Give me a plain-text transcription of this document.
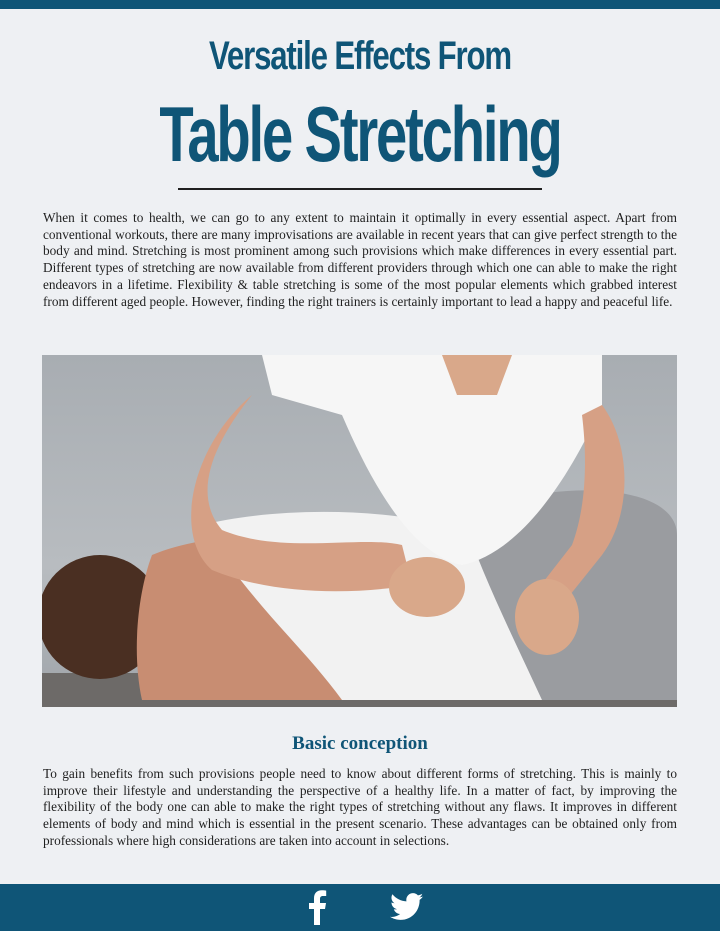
Versatile Effects From
Table Stretching

When it comes to health, we can go to any extent to maintain it optimally in every essential aspect. Apart from conventional workouts, there are many improvisations are available in recent years that can give perfect strength to the body and mind. Stretching is most prominent among such provisions which make differences in every essential part. Different types of stretching are now available from different providers through which one can able to make the right endeavors in a lifetime. Flexibility & table stretching is some of the most popular elements which grabbed interest from different aged people. However, finding the right trainers is certainly important to lead a happy and peaceful life.

Basic conception

To gain benefits from such provisions people need to know about different forms of stretching. This is mainly to improve their lifestyle and understanding the perspective of a healthy life. In a matter of fact, by improving the flexibility of the body one can able to make the right types of stretching without any flaws. It improves in different elements of body and mind which is essential in the present scenario. These advantages can be obtained only from professionals where high considerations are taken into account in selections.
